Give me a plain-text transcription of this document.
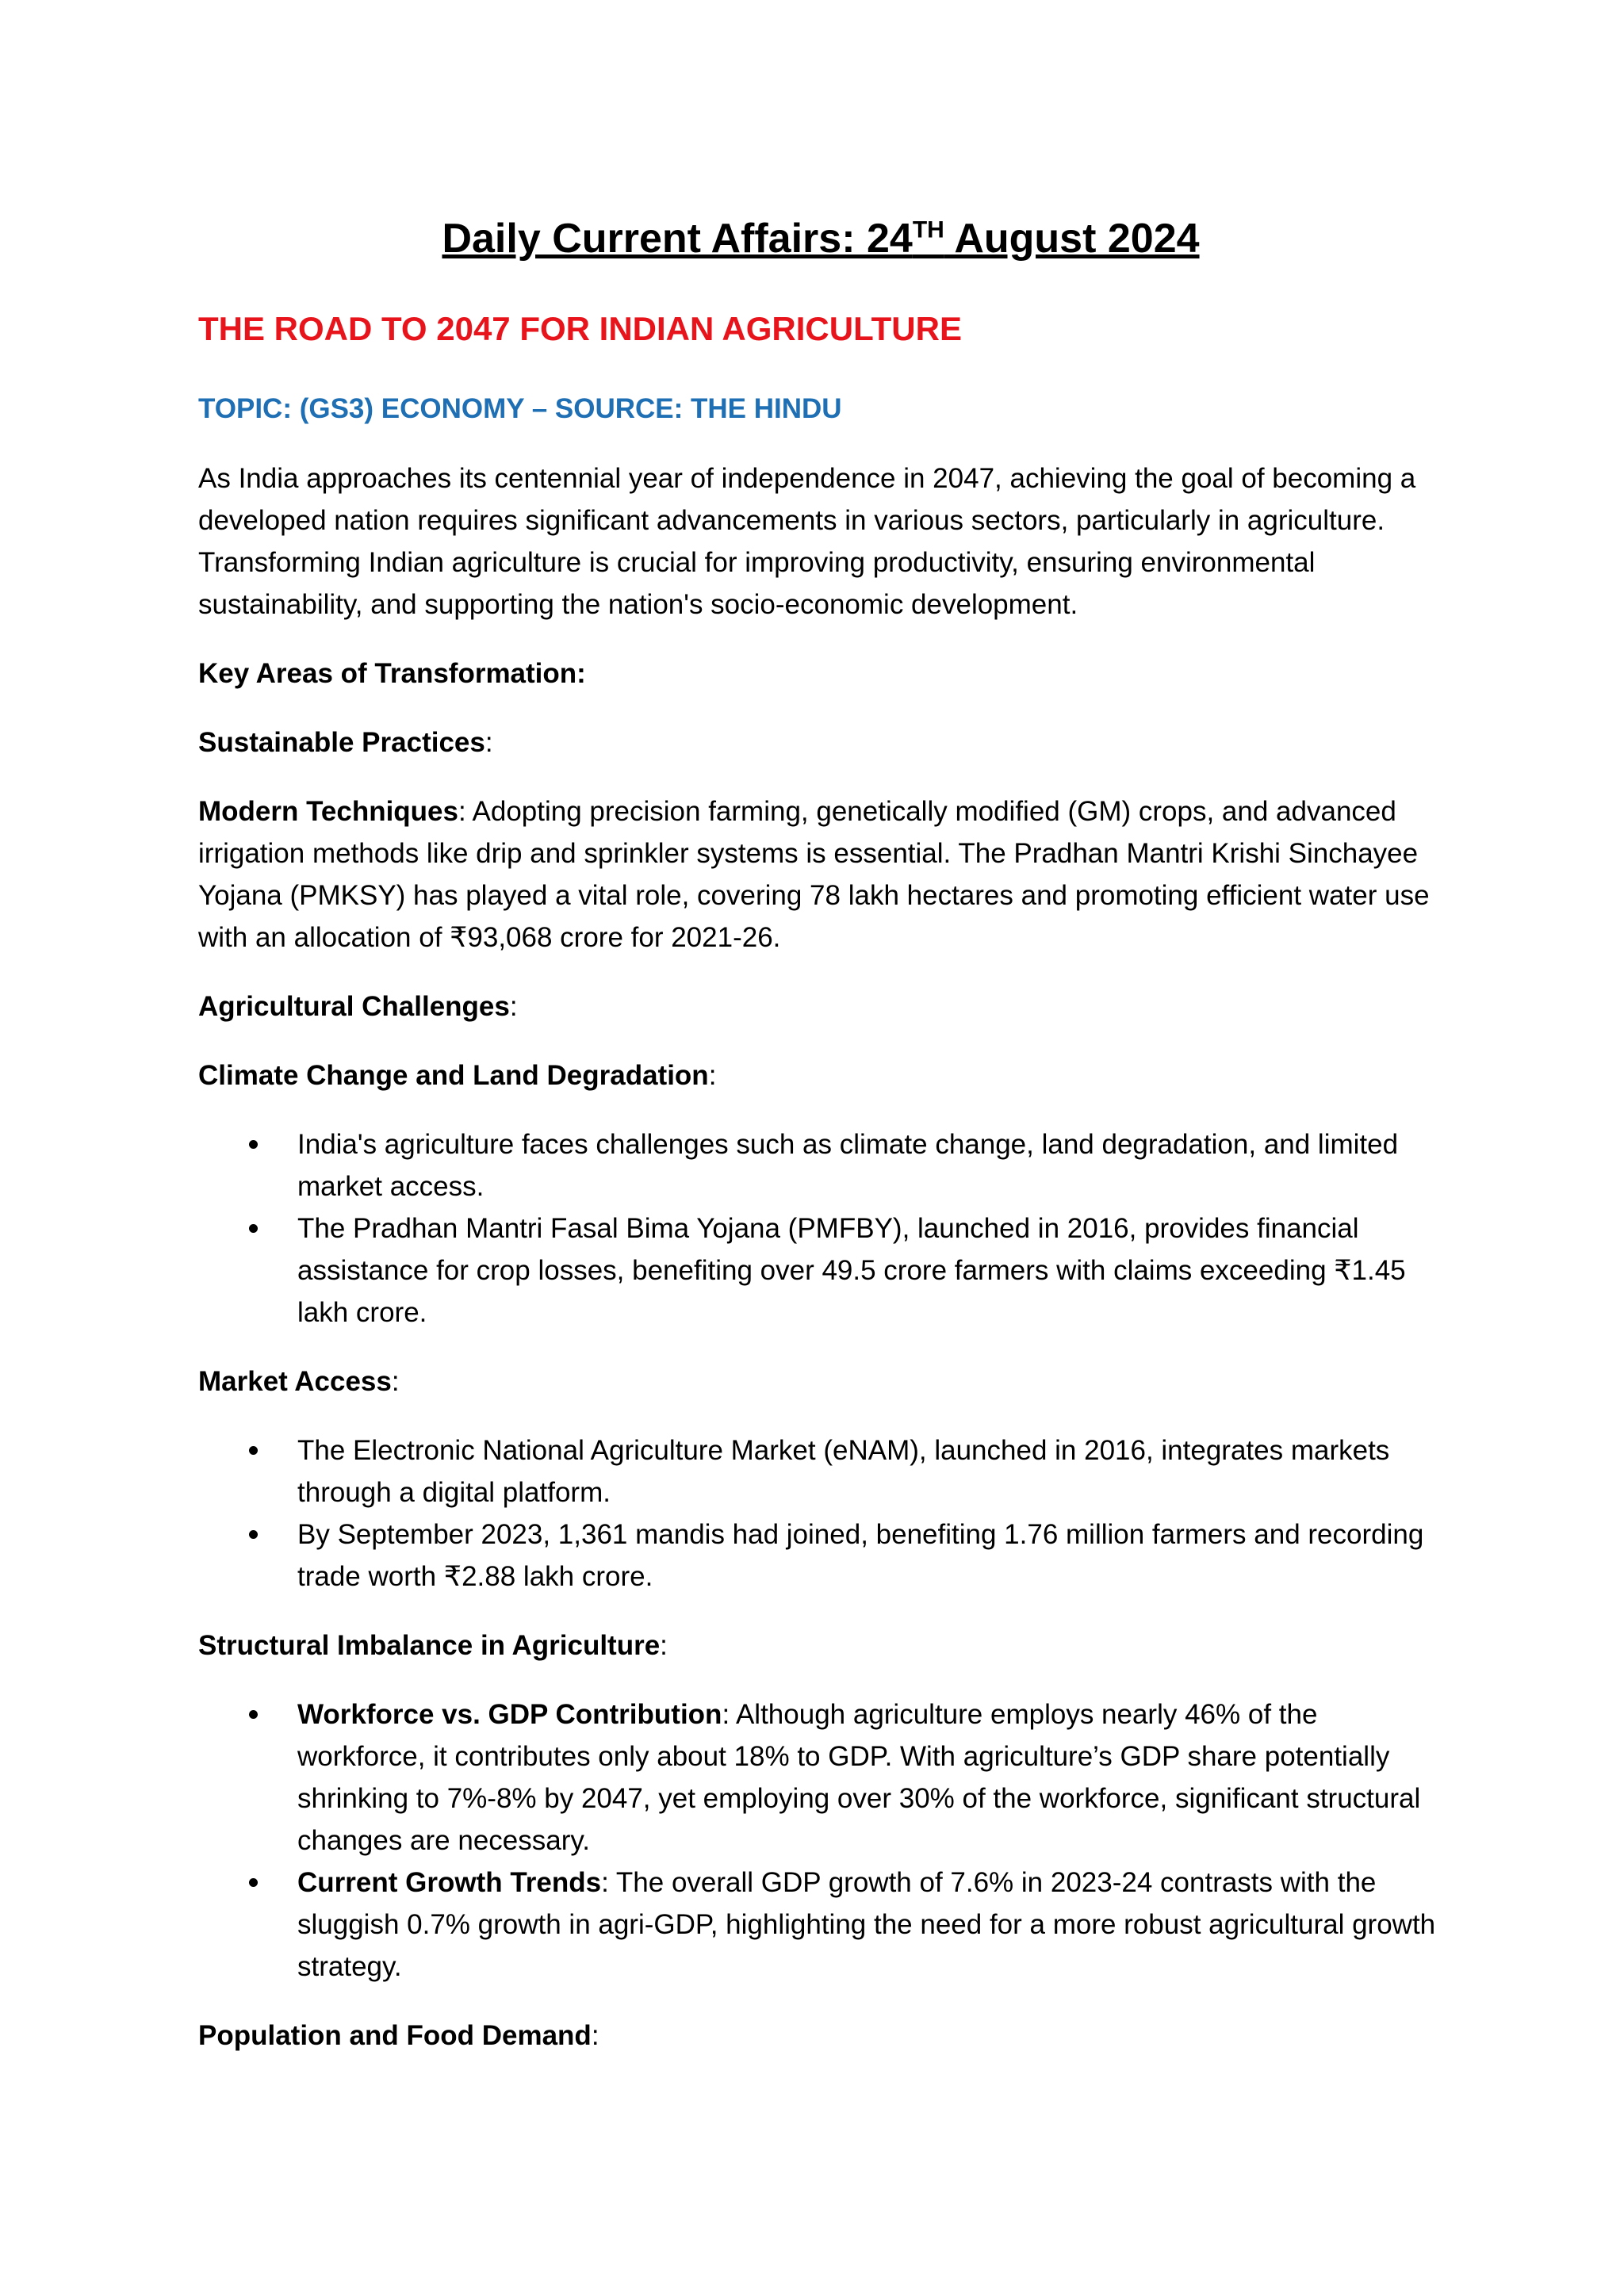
Daily Current Affairs: 24TH August 2024
THE ROAD TO 2047 FOR INDIAN AGRICULTURE
TOPIC: (GS3) ECONOMY – SOURCE: THE HINDU

As India approaches its centennial year of independence in 2047, achieving the goal of becoming a developed nation requires significant advancements in various sectors, particularly in agriculture. Transforming Indian agriculture is crucial for improving productivity, ensuring environmental sustainability, and supporting the nation's socio-economic development.

Key Areas of Transformation:

Sustainable Practices:

Modern Techniques: Adopting precision farming, genetically modified (GM) crops, and advanced irrigation methods like drip and sprinkler systems is essential. The Pradhan Mantri Krishi Sinchayee Yojana (PMKSY) has played a vital role, covering 78 lakh hectares and promoting efficient water use with an allocation of ₹93,068 crore for 2021-26.

Agricultural Challenges:

Climate Change and Land Degradation:

India's agriculture faces challenges such as climate change, land degradation, and limited market access.
The Pradhan Mantri Fasal Bima Yojana (PMFBY), launched in 2016, provides financial assistance for crop losses, benefiting over 49.5 crore farmers with claims exceeding ₹1.45 lakh crore.

Market Access:

The Electronic National Agriculture Market (eNAM), launched in 2016, integrates markets through a digital platform.
By September 2023, 1,361 mandis had joined, benefiting 1.76 million farmers and recording trade worth ₹2.88 lakh crore.

Structural Imbalance in Agriculture:

Workforce vs. GDP Contribution: Although agriculture employs nearly 46% of the workforce, it contributes only about 18% to GDP. With agriculture’s GDP share potentially shrinking to 7%-8% by 2047, yet employing over 30% of the workforce, significant structural changes are necessary.
Current Growth Trends: The overall GDP growth of 7.6% in 2023-24 contrasts with the sluggish 0.7% growth in agri-GDP, highlighting the need for a more robust agricultural growth strategy.

Population and Food Demand:
